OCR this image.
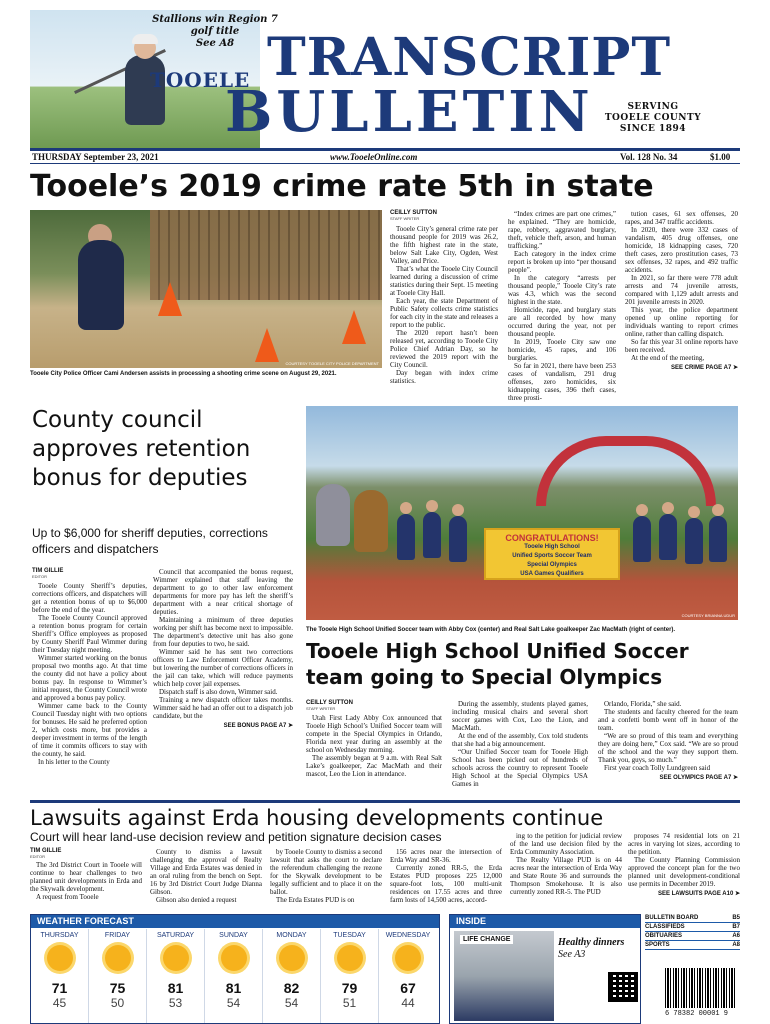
Stallions win Region 7
golf title
See A8
TOOELE TRANSCRIPT
BULLETIN	SERVING
TOOELE COUNTY
SINCE 1894
THURSDAY September 23, 2021	www.TooeleOnline.com	Vol. 128 No. 34	$1.00
Tooele’s 2019 crime rate 5th in state
COURTESY TOOELE CITY POLICE DEPARTMENT
Tooele City Police Officer Cami Andersen assists in processing a shooting crime scene on August 29, 2021.
CEILLY SUTTON
STAFF WRITER

Tooele City’s general crime rate per thousand people for 2019 was 26.2, the fifth highest rate in the state, below Salt Lake City, Ogden, West Valley, and Price.

That’s what the Tooele City Council learned during a discussion of crime statistics during their Sept. 15 meeting at Tooele City Hall.

Each year, the state Department of Public Safety collects crime statistics for each city in the state and releases a report to the public.

The 2020 report hasn’t been released yet, according to Tooele City Police Chief Adrian Day, so he reviewed the 2019 report with the City Council.

Day began with index crime statistics.

“Index crimes are part one crimes,” he explained. “They are homicide, rape, robbery, aggravated burglary, theft, vehicle theft, arson, and human trafficking.”

Each category in the index crime report is broken up into “per thousand people”.

In the category “arrests per thousand people,” Tooele City’s rate was 4.3, which was the second highest in the state.

Homicide, rape, and burglary stats are all recorded by how many occurred during the year, not per thousand people.

In 2019, Tooele City saw one homicide, 45 rapes, and 106 burglaries.

So far in 2021, there have been 253 cases of vandalism, 291 drug offenses, zero homicides, six kidnapping cases, 396 theft cases, three prosti-

tution cases, 61 sex offenses, 20 rapes, and 347 traffic accidents.

In 2020, there were 332 cases of vandalism, 405 drug offenses, one homicide, 18 kidnapping cases, 720 theft cases, zero prostitution cases, 73 sex offenses, 32 rapes, and 492 traffic accidents.

In 2021, so far there were 778 adult arrests and 74 juvenile arrests, compared with 1,129 adult arrests and 201 juvenile arrests in 2020.

This year, the police department opened up online reporting for individuals wanting to report crimes online, rather than calling dispatch.

So far this year 31 online reports have been received.

At the end of the meeting,

SEE CRIME PAGE A7 ➤
County council approves retention bonus for deputies
Up to $6,000 for sheriff deputies, corrections officers and dispatchers
TIM GILLIE
EDITOR

Tooele County Sheriff’s deputies, corrections officers, and dispatchers will get a retention bonus of up to $6,000 before the end of the year.

The Tooele County Council approved a retention bonus program for certain Sheriff’s Office employees as proposed by County Sheriff Paul Wimmer during their Tuesday night meeting.

Wimmer started working on the bonus proposal two months ago. At that time the county did not have a policy about bonus pay. In response to Wimmer’s initial request, the County Council wrote and approved a bonus pay policy.

Wimmer came back to the County Council Tuesday night with two options for bonuses. He said he preferred option 2, which costs more, but provides a deeper investment in terms of the length of time it commits officers to stay with the county, he said.

In his letter to the County

Council that accompanied the bonus request, Wimmer explained that staff leaving the department to go to other law enforcement departments for more pay has left the sheriff’s department with a near critical shortage of deputies.

Maintaining a minimum of three deputies working per shift has become next to impossible. The department’s detective unit has also gone from four deputies to two, he said.

Wimmer said he has sent two corrections officers to Law Enforcement Officer Academy, but lowering the number of corrections officers in the jail can take, which will reduce payments which help cover jail expenses.

Dispatch staff is also down, Wimmer said.

Training a new dispatch officer takes months. Wimmer said he had an offer out to a dispatch job candidate, but the

SEE BONUS PAGE A7 ➤
CONGRATULATIONS!
Tooele High School
Unified Sports Soccer Team
Special Olympics
USA Games Qualifiers
COURTESY BRIANNA UDUR
The Tooele High School Unified Soccer team with Abby Cox (center) and Real Salt Lake goalkeeper Zac MacMath (right of center).
Tooele High School Unified Soccer team going to Special Olympics
CEILLY SUTTON
STAFF WRITER

Utah First Lady Abby Cox announced that Tooele High School’s Unified Soccer team will compete in the Special Olympics in Orlando, Florida next year during an assembly at the school on Wednesday morning.

The assembly began at 9 a.m. with Real Salt Lake’s goalkeeper, Zac MacMath and their mascot, Leo the Lion in attendance.

During the assembly, students played games, including musical chairs and several short soccer games with Cox, Leo the Lion, and MacMath.

At the end of the assembly, Cox told students that she had a big announcement.

“Our Unified Soccer team for Tooele High School has been picked out of hundreds of schools across the country to represent Tooele High School at the Special Olympics USA Games in

Orlando, Florida,” she said.

The students and faculty cheered for the team and a confetti bomb went off in honor of the team.

“We are so proud of this team and everything they are doing here,” Cox said. “We are so proud of the school and the way they support them. Thank you, guys, so much.”

First year coach Tolly Lundgreen said

SEE OLYMPICS PAGE A7 ➤
Lawsuits against Erda housing developments continue
Court will hear land-use decision review and petition signature decision cases
TIM GILLIE
EDITOR

The 3rd District Court in Tooele will continue to hear challenges to two planned unit developments in Erda and the Skywalk development.

A request from Tooele

County to dismiss a lawsuit challenging the approval of Realty Village and Erda Estates was denied in an oral ruling from the bench on Sept. 16 by 3rd District Court Judge Dianna Gibson.

Gibson also denied a request

by Tooele County to dismiss a second lawsuit that asks the court to declare the referendum challenging the rezone for the Skywalk development to be legally sufficient and to place it on the ballot.

The Erda Estates PUD is on

156 acres near the intersection of Erda Way and SR-36.

Currently zoned RR-5, the Erda Estates PUD proposes 225 12,000 square-foot lots, 100 multi-unit residences on 17.55 acres and three farm losts of 14,500 acres, accord-

ing to the petition for judicial review of the land use decision filed by the Erda Community Association.

The Realty Village PUD is on 44 acres near the intersection of Erda Way and State Route 36 and surrounds the Thompson Smokehouse. It is also currently zoned RR-5. The PUD

proposes 74 residential lots on 21 acres in varying lot sizes, according to the petition.

The County Planning Commission approved the concept plan for the two planned unit development-conditional use permits in December 2019.

SEE LAWSUITS PAGE A10 ➤
WEATHER FORECAST
THURSDAY
71
45
FRIDAY
75
50
SATURDAY
81
53
SUNDAY
81
54
MONDAY
82
54
TUESDAY
79
51
WEDNESDAY
67
44
INSIDE
LIFE CHANGE	Healthy dinners
See A3
BULLETIN BOARD	B5
CLASSIFIEDS	B7
OBITUARIES	A6
SPORTS	A8
6 78382 00001 9
